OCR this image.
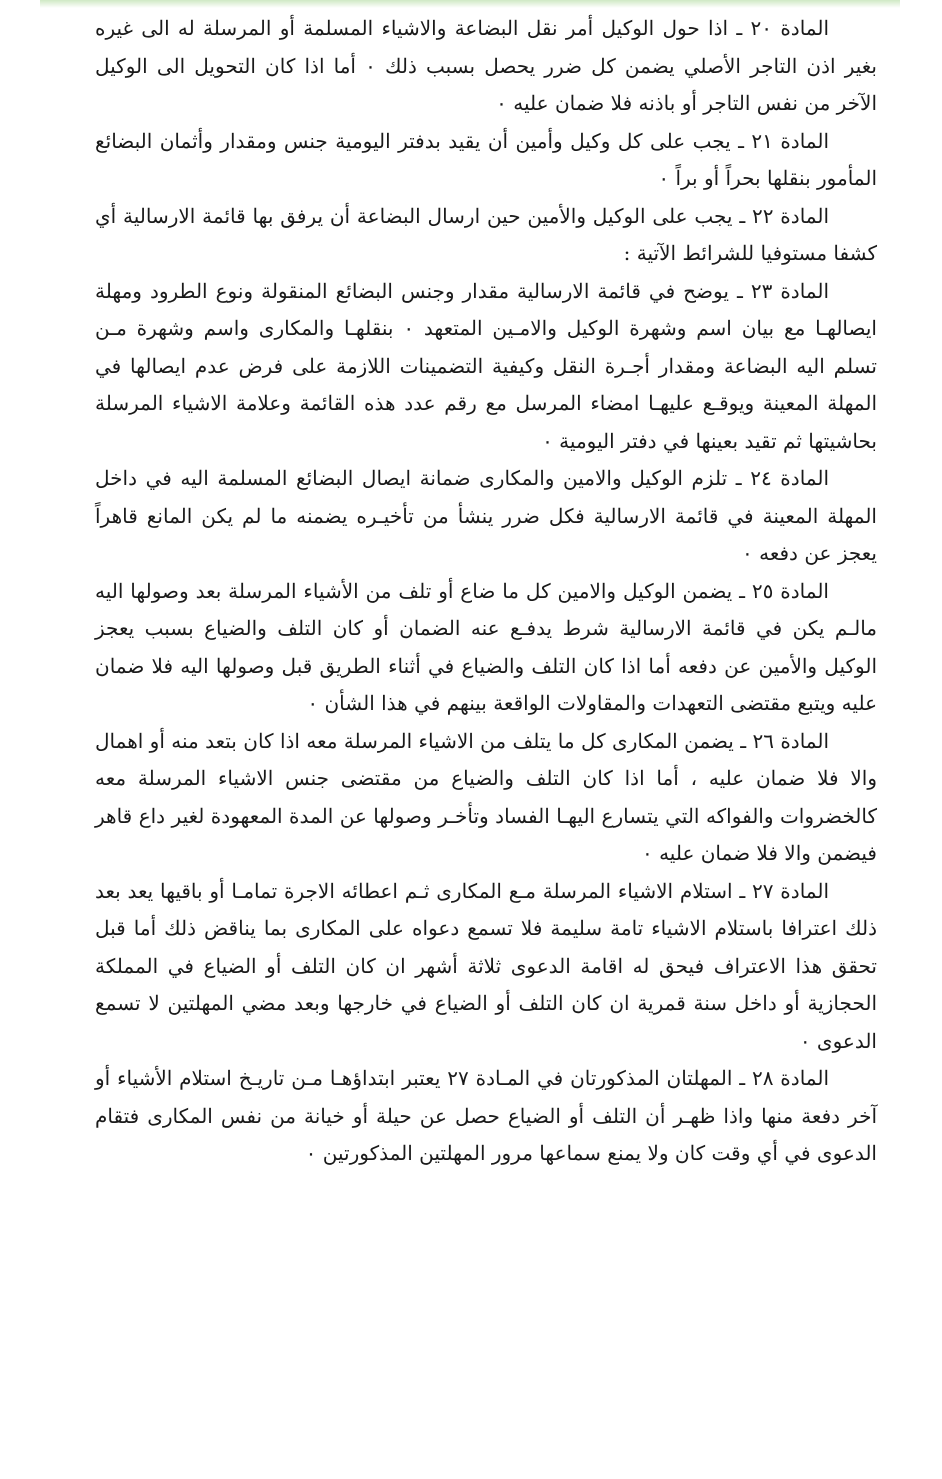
المادة ٢٠ ـ اذا حول الوكيل أمر نقل البضاعة والاشياء المسلمة أو المرسلة له الى غيره بغير اذن التاجر الأصلي يضمن كل ضرر يحصل بسبب ذلك ٠ أما اذا كان التحويل الى الوكيل الآخر من نفس التاجر أو باذنه فلا ضمان عليه ٠

المادة ٢١ ـ يجب على كل وكيل وأمين أن يقيد بدفتر اليومية جنس ومقدار وأثمان البضائع المأمور بنقلها بحراً أو براً ٠

المادة ٢٢ ـ يجب على الوكيل والأمين حين ارسال البضاعة أن يرفق بها قائمة الارسالية أي كشفا مستوفيا للشرائط الآتية :

المادة ٢٣ ـ يوضح في قائمة الارسالية مقدار وجنس البضائع المنقولة ونوع الطرود ومهلة ايصالهـا مع بيان اسم وشهرة الوكيل والامـين المتعهد ٠ بنقلهـا والمكارى واسم وشهرة مـن تسلم اليه البضاعة ومقدار أجـرة النقل وكيفية التضمينات اللازمة على فرض عدم ايصالها في المهلة المعينة ويوقـع عليهـا امضاء المرسل مع رقم عدد هذه القائمة وعلامة الاشياء المرسلة بحاشيتها ثم تقيد بعينها في دفتر اليومية ٠

المادة ٢٤ ـ تلزم الوكيل والامين والمكارى ضمانة ايصال البضائع المسلمة اليه في داخل المهلة المعينة في قائمة الارسالية فكل ضرر ينشأ من تأخيـره يضمنه ما لم يكن المانع قاهراً يعجز عن دفعه ٠

المادة ٢٥ ـ يضمن الوكيل والامين كل ما ضاع أو تلف من الأشياء المرسلة بعد وصولها اليه مالـم يكن في قائمة الارسالية شرط يدفـع عنه الضمان أو كان التلف والضياع بسبب يعجز الوكيل والأمين عن دفعه أما اذا كان التلف والضياع في أثناء الطريق قبل وصولها اليه فلا ضمان عليه ويتبع مقتضى التعهدات والمقاولات الواقعة بينهم في هذا الشأن ٠

المادة ٢٦ ـ يضمن المكارى كل ما يتلف من الاشياء المرسلة معه اذا كان بتعد منه أو اهمال والا فلا ضمان عليه ، أما اذا كان التلف والضياع من مقتضى جنس الاشياء المرسلة معه كالخضروات والفواكه التي يتسارع اليهـا الفساد وتأخـر وصولها عن المدة المعهودة لغير داع قاهر فيضمن والا فلا ضمان عليه ٠

المادة ٢٧ ـ استلام الاشياء المرسلة مـع المكارى ثـم اعطائه الاجرة تمامـا أو باقيها يعد بعد ذلك اعترافا باستلام الاشياء تامة سليمة فلا تسمع دعواه على المكارى بما يناقض ذلك أما قبل تحقق هذا الاعتراف فيحق له اقامة الدعوى ثلاثة أشهر ان كان التلف أو الضياع في المملكة الحجازية أو داخل سنة قمرية ان كان التلف أو الضياع في خارجها وبعد مضي المهلتين لا تسمع الدعوى ٠

المادة ٢٨ ـ المهلتان المذكورتان في المـادة ٢٧ يعتبر ابتداؤهـا مـن تاريـخ استلام الأشياء أو آخر دفعة منها واذا ظهـر أن التلف أو الضياع حصل عن حيلة أو خيانة من نفس المكارى فتقام الدعوى في أي وقت كان ولا يمنع سماعها مرور المهلتين المذكورتين ٠
